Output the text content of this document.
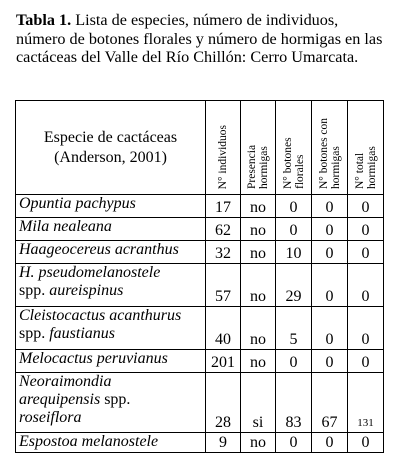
Tabla 1. Lista de especies, número de individuos, número de botones florales y número de hormigas en las cactáceas del Valle del Río Chillón: Cerro Umarcata.
Especie de cactáceas
(Anderson, 2001)	N° individuos	Presencia hormigas	N° botones florales	N° botones con hormigas	N° total hormigas
Opuntia pachypus	17	no	0	0	0
Mila nealeana	62	no	0	0	0
Haageocereus acranthus	32	no	10	0	0
H. pseudomelanostele
spp. aureispinus	57	no	29	0	0
Cleistocactus acanthurus
spp. faustianus	40	no	5	0	0
Melocactus peruvianus	201	no	0	0	0
Neoraimondia
arequipensis spp.
roseiflora	28	si	83	67	131
Espostoa melanostele	9	no	0	0	0
